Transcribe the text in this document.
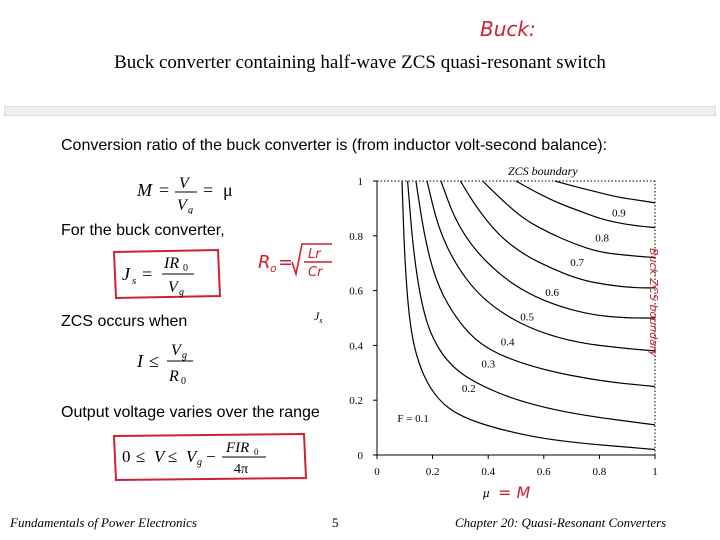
Buck:
Buck converter containing half-wave ZCS quasi-resonant switch
Conversion ratio of the buck converter is (from inductor volt-second balance):
For the buck converter,
ZCS occurs when
Output voltage varies over the range
M = V
V g
= μ
J s =
IR 0
V g
R o = Lr
Cr
I ≤
V g
R 0
0 ≤ V ≤ V g − FIR 0
4π	0	0.2	0.4	0.6	0.8	1
0
0.2
0.4
0.6
0.8
1
F = 0.1
0.2
0.3
0.4
0.5
0.6
0.7
0.8
0.9
ZCS boundary
$J_s$	Buck ZCS boundary
μ = M
Fundamentals of Power Electronics	5	Chapter 20: Quasi-Resonant Converters
